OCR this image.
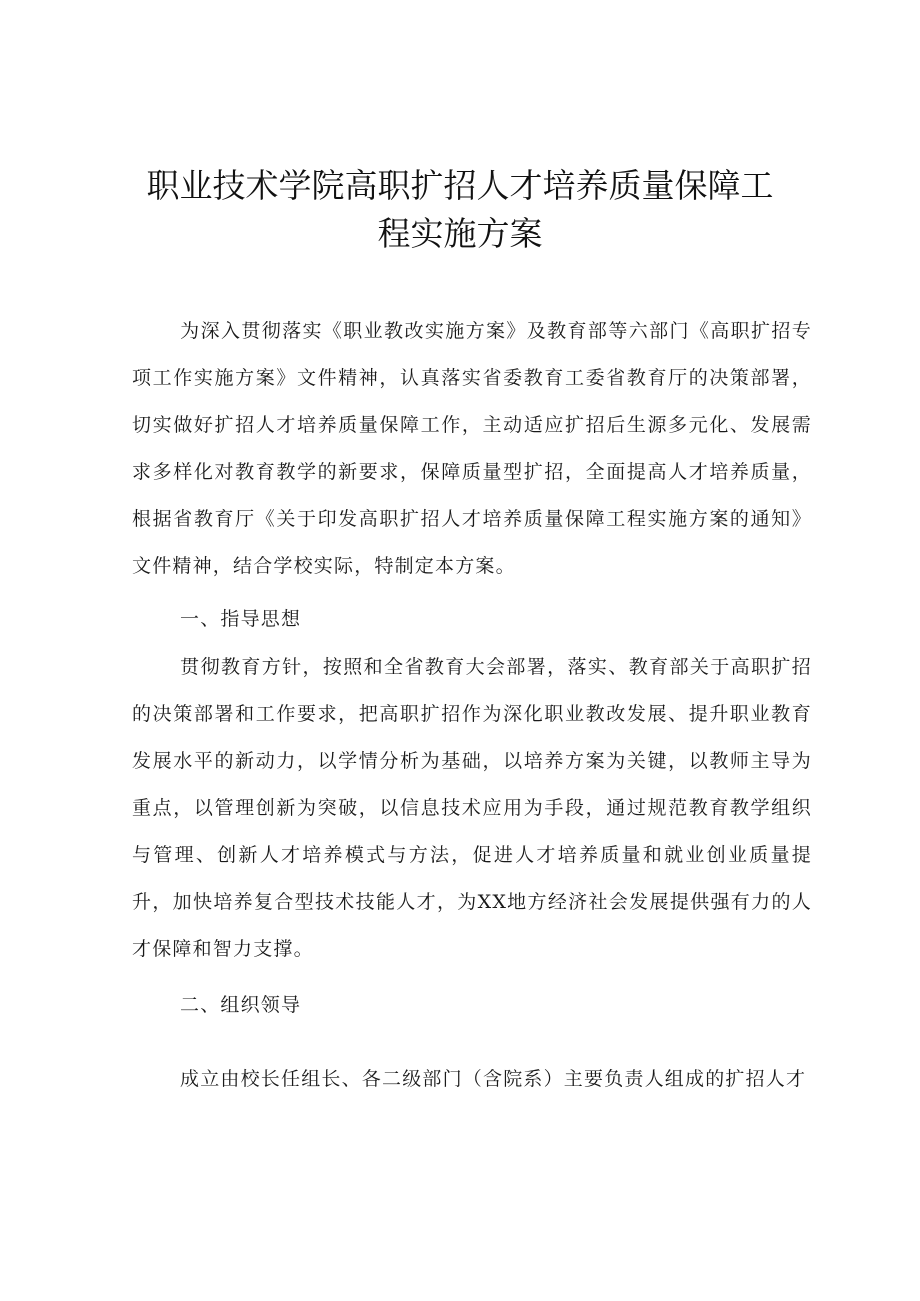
职业技术学院高职扩招人才培养质量保障工
程实施方案

为深入贯彻落实《职业教改实施方案》及教育部等六部门《高职扩招专项工作实施方案》文件精神，认真落实省委教育工委省教育厅的决策部署，切实做好扩招人才培养质量保障工作，主动适应扩招后生源多元化、发展需求多样化对教育教学的新要求，保障质量型扩招，全面提高人才培养质量，根据省教育厅《关于印发高职扩招人才培养质量保障工程实施方案的通知》文件精神，结合学校实际，特制定本方案。

一、指导思想

贯彻教育方针，按照和全省教育大会部署，落实、教育部关于高职扩招的决策部署和工作要求，把高职扩招作为深化职业教改发展、提升职业教育发展水平的新动力，以学情分析为基础，以培养方案为关键，以教师主导为重点，以管理创新为突破，以信息技术应用为手段，通过规范教育教学组织与管理、创新人才培养模式与方法，促进人才培养质量和就业创业质量提升，加快培养复合型技术技能人才，为XX地方经济社会发展提供强有力的人才保障和智力支撑。

二、组织领导

成立由校长任组长、各二级部门（含院系）主要负责人组成的扩招人才
